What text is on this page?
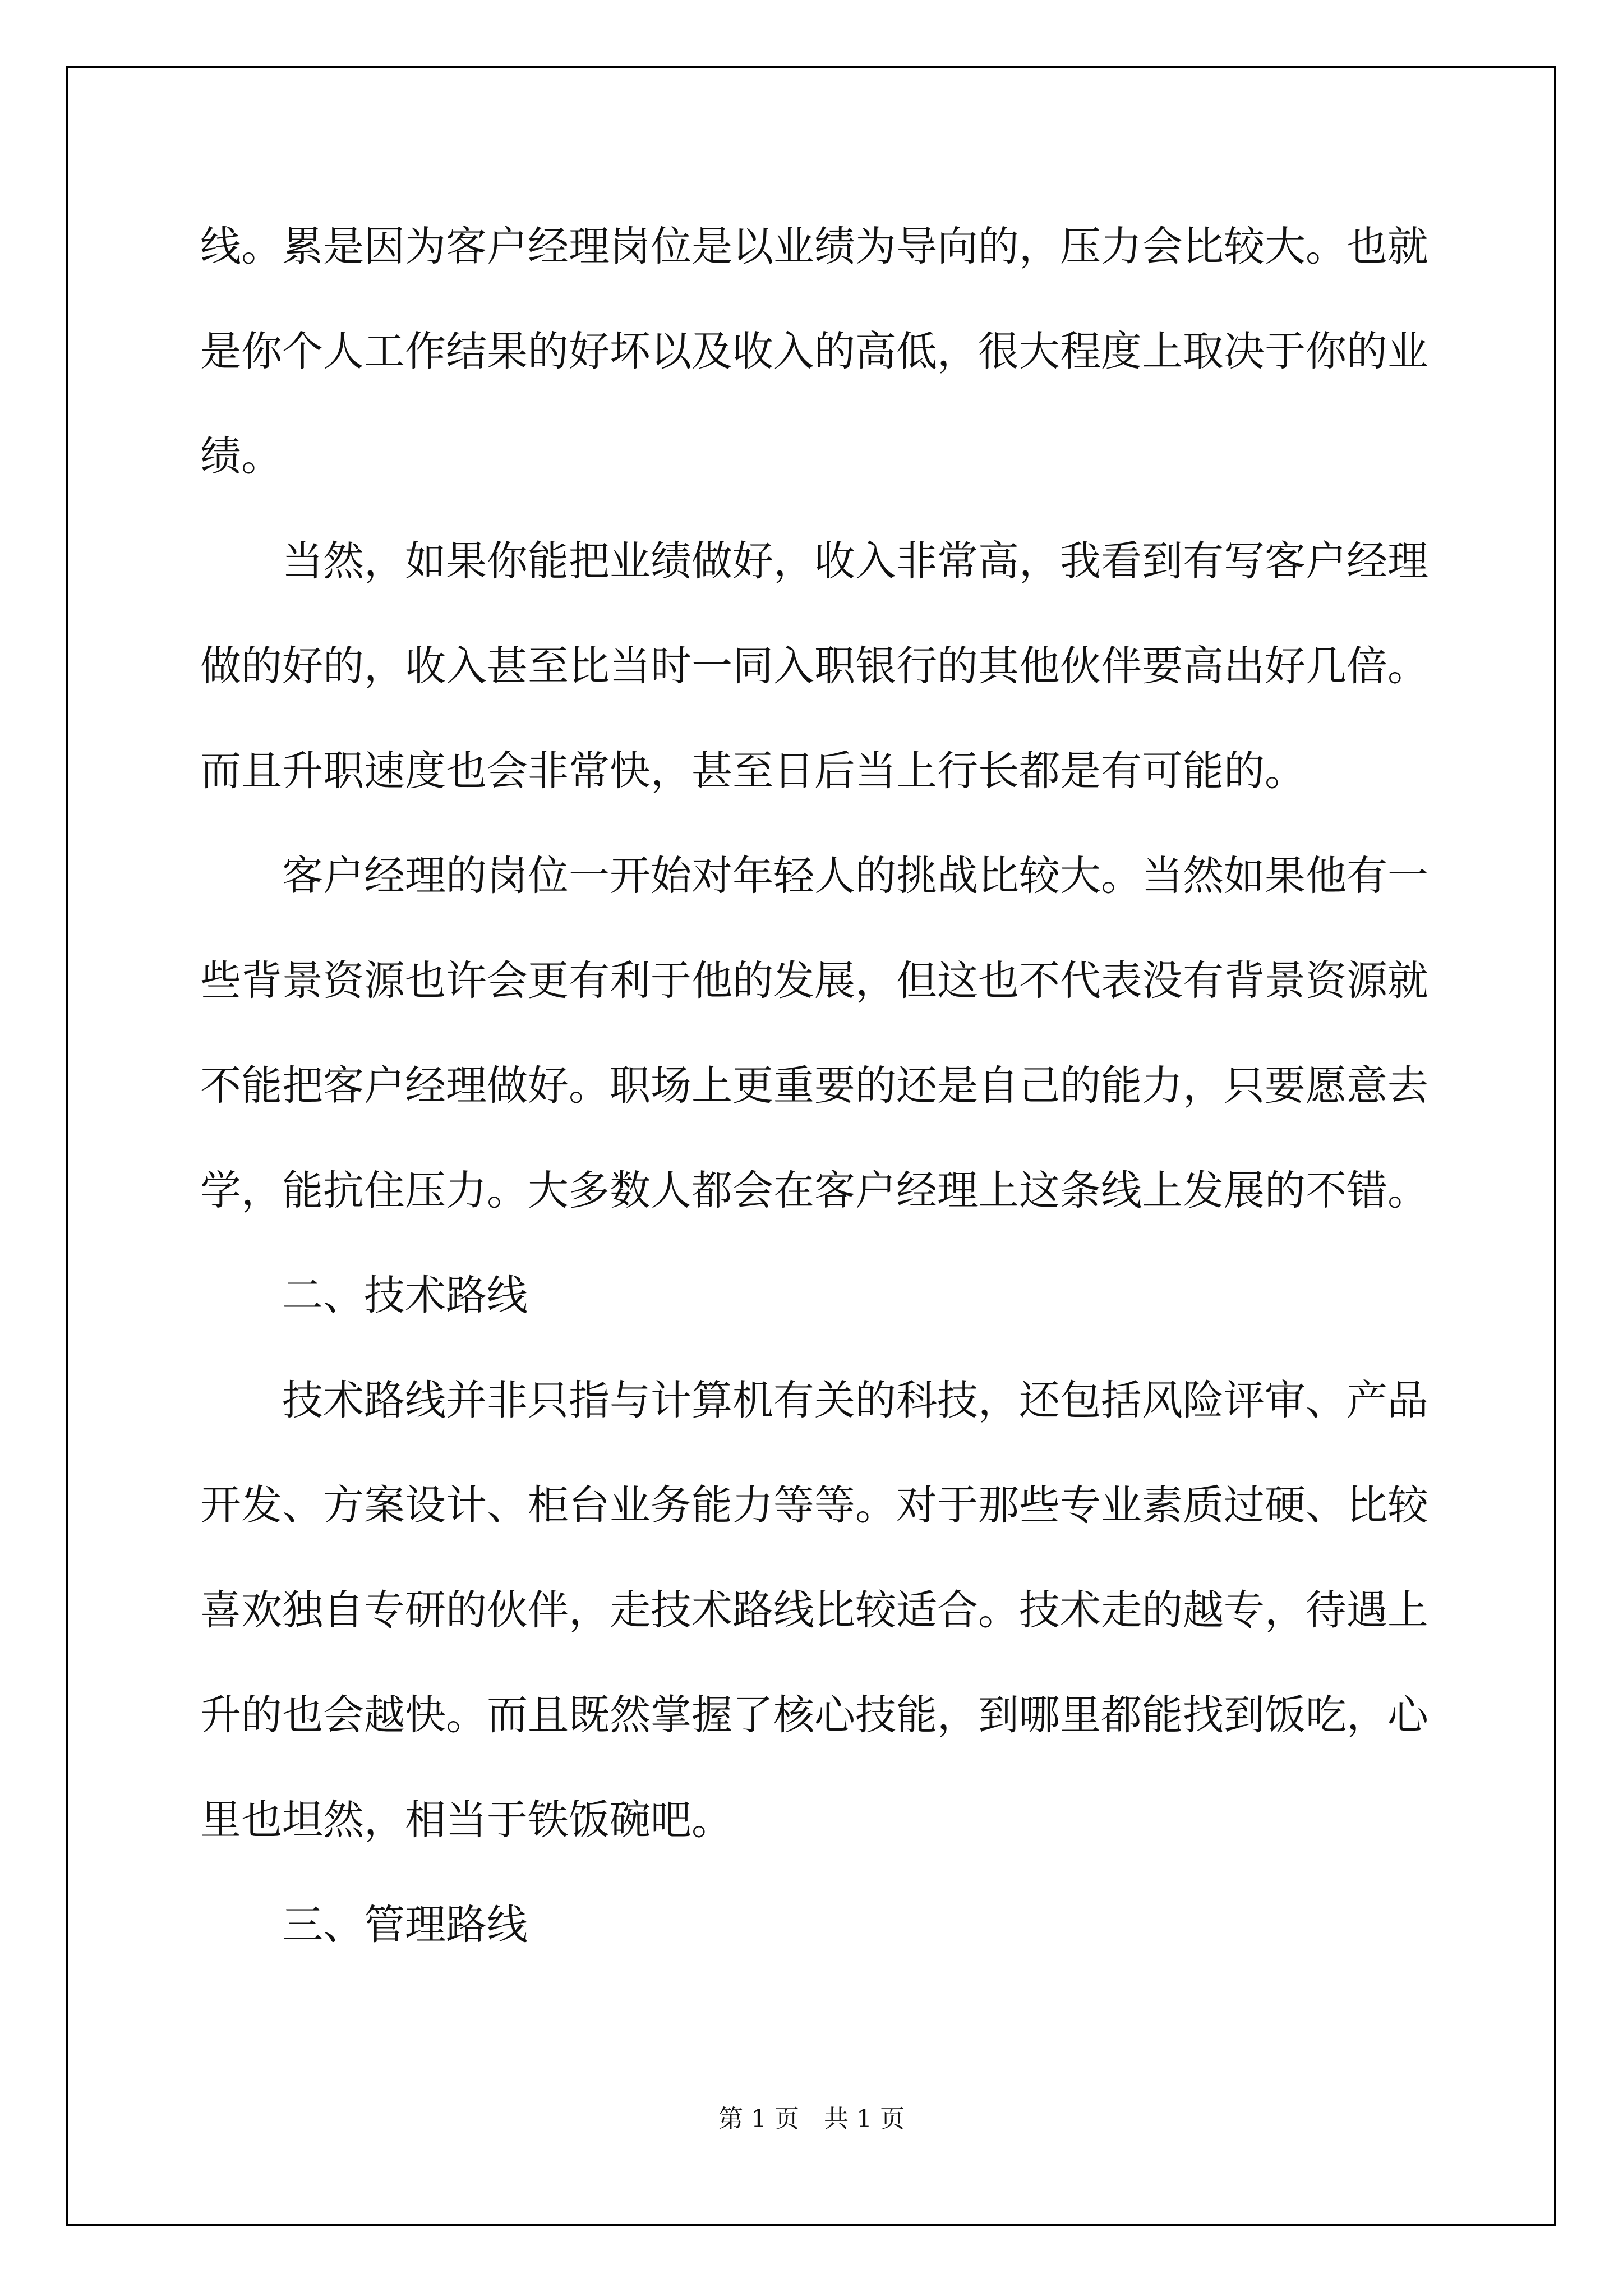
线。累是因为客户经理岗位是以业绩为导向的，压力会比较大。也就
是你个人工作结果的好坏以及收入的高低，很大程度上取决于你的业
绩。
　　当然，如果你能把业绩做好，收入非常高，我看到有写客户经理
做的好的，收入甚至比当时一同入职银行的其他伙伴要高出好几倍。
而且升职速度也会非常快，甚至日后当上行长都是有可能的。
　　客户经理的岗位一开始对年轻人的挑战比较大。当然如果他有一
些背景资源也许会更有利于他的发展，但这也不代表没有背景资源就
不能把客户经理做好。职场上更重要的还是自己的能力，只要愿意去
学，能抗住压力。大多数人都会在客户经理上这条线上发展的不错。
　　二、技术路线
　　技术路线并非只指与计算机有关的科技，还包括风险评审、产品
开发、方案设计、柜台业务能力等等。对于那些专业素质过硬、比较
喜欢独自专研的伙伴，走技术路线比较适合。技术走的越专，待遇上
升的也会越快。而且既然掌握了核心技能，到哪里都能找到饭吃，心
里也坦然，相当于铁饭碗吧。
　　三、管理路线
第 1 页　共 1 页
